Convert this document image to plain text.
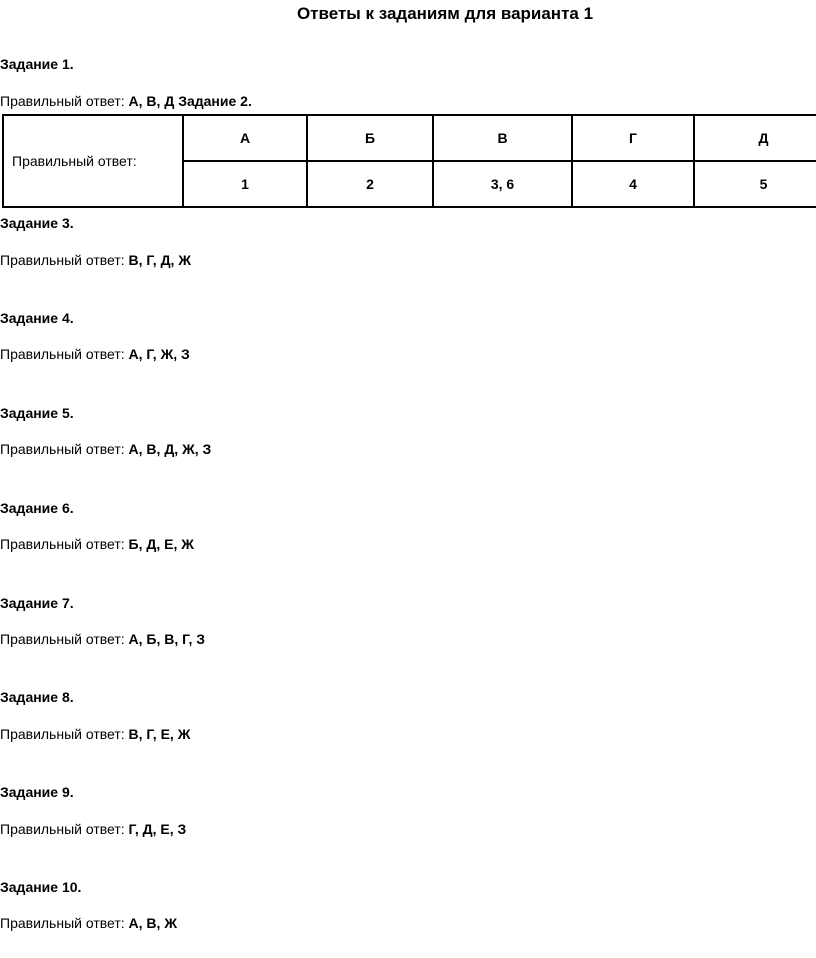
Ответы к заданиям для варианта 1
Задание 1.
Правильный ответ: А, В, Д Задание 2.
Правильный ответ:	А	Б	В	Г	Д
	1	2	3, 6	4	5
Задание 3.
Правильный ответ: В, Г, Д, Ж
Задание 4.
Правильный ответ: А, Г, Ж, З
Задание 5.
Правильный ответ: А, В, Д, Ж, З
Задание 6.
Правильный ответ: Б, Д, Е, Ж
Задание 7.
Правильный ответ: А, Б, В, Г, З
Задание 8.
Правильный ответ: В, Г, Е, Ж
Задание 9.
Правильный ответ: Г, Д, Е, З
Задание 10.
Правильный ответ: А, В, Ж
